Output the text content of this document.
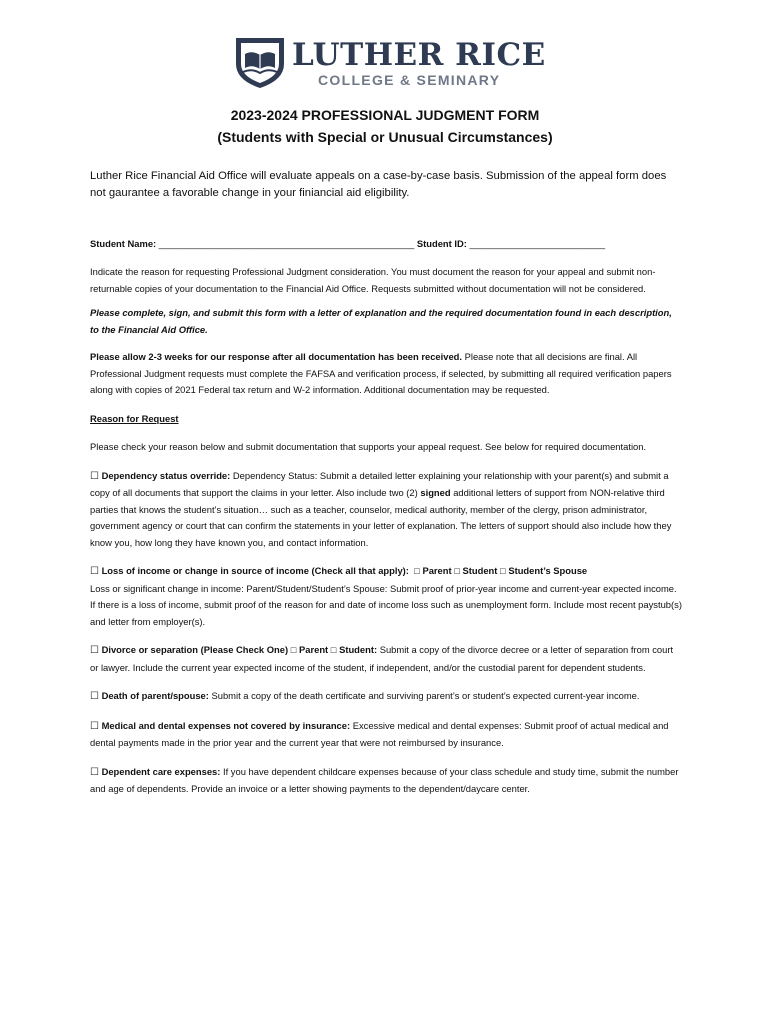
LUTHER RICE
COLLEGE & SEMINARY
2023-2024 PROFESSIONAL JUDGMENT FORM
(Students with Special or Unusual Circumstances)

Luther Rice Financial Aid Office will evaluate appeals on a case-by-case basis. Submission of the appeal form does not gaurantee a favorable change in your finiancial aid eligibility.

Student Name: _________________________________________________ Student ID: __________________________

Indicate the reason for requesting Professional Judgment consideration. You must document the reason for your appeal and submit non-returnable copies of your documentation to the Financial Aid Office. Requests submitted without documentation will not be considered.

Please complete, sign, and submit this form with a letter of explanation and the required documentation found in each description, to the Financial Aid Office.

Please allow 2-3 weeks for our response after all documentation has been received. Please note that all decisions are final. All Professional Judgment requests must complete the FAFSA and verification process, if selected, by submitting all required verification papers along with copies of 2021 Federal tax return and W-2 information. Additional documentation may be requested.

Reason for Request

Please check your reason below and submit documentation that supports your appeal request. See below for required documentation.

☐ Dependency status override: Dependency Status: Submit a detailed letter explaining your relationship with your parent(s) and submit a copy of all documents that support the claims in your letter. Also include two (2) signed additional letters of support from NON-relative third parties that knows the student’s situation… such as a teacher, counselor, medical authority, member of the clergy, prison administrator, government agency or court that can confirm the statements in your letter of explanation. The letters of support should also include how they know you, how long they have known you, and contact information.

☐ Loss of income or change in source of income (Check all that apply): □ Parent □ Student □ Student’s Spouse
Loss or significant change in income: Parent/Student/Student’s Spouse: Submit proof of prior-year income and current-year expected income. If there is a loss of income, submit proof of the reason for and date of income loss such as unemployment form. Include most recent paystub(s) and letter from employer(s).

☐ Divorce or separation (Please Check One) □ Parent □ Student: Submit a copy of the divorce decree or a letter of separation from court or lawyer. Include the current year expected income of the student, if independent, and/or the custodial parent for dependent students.

☐ Death of parent/spouse: Submit a copy of the death certificate and surviving parent’s or student’s expected current-year income.

☐ Medical and dental expenses not covered by insurance: Excessive medical and dental expenses: Submit proof of actual medical and dental payments made in the prior year and the current year that were not reimbursed by insurance.

☐ Dependent care expenses: If you have dependent childcare expenses because of your class schedule and study time, submit the number and age of dependents. Provide an invoice or a letter showing payments to the dependent/daycare center.
